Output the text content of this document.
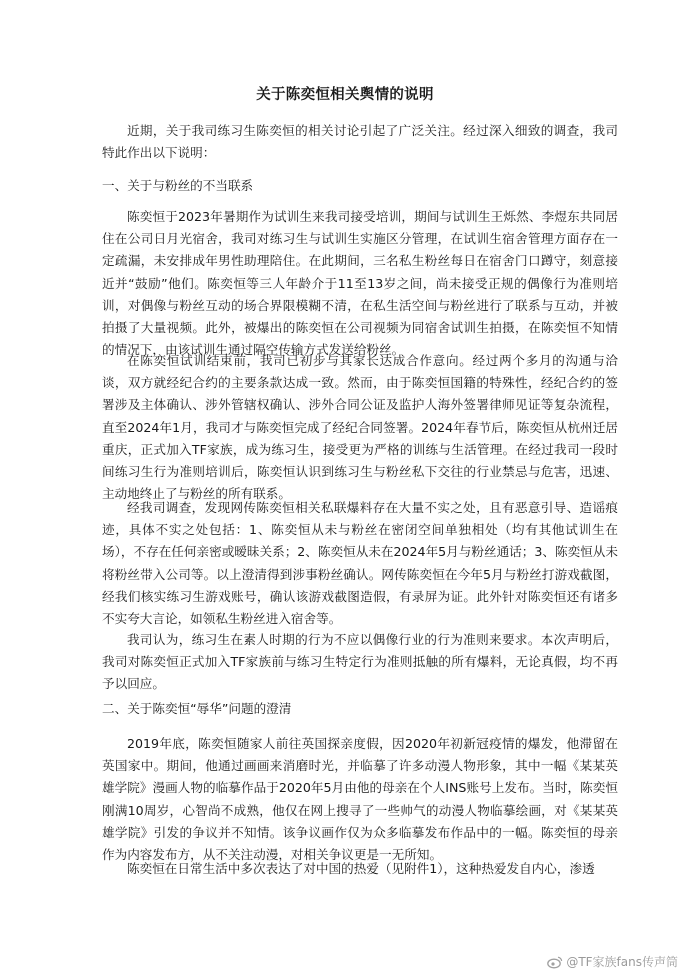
关于陈奕恒相关舆情的说明

近期，关于我司练习生陈奕恒的相关讨论引起了广泛关注。经过深入细致的调查，我司特此作出以下说明：

一、关于与粉丝的不当联系

陈奕恒于2023年暑期作为试训生来我司接受培训，期间与试训生王烁然、李煜东共同居住在公司日月光宿舍，我司对练习生与试训生实施区分管理，在试训生宿舍管理方面存在一定疏漏，未安排成年男性助理陪住。在此期间，三名私生粉丝每日在宿舍门口蹲守，刻意接近并“鼓励”他们。陈奕恒等三人年龄介于11至13岁之间，尚未接受正规的偶像行为准则培训，对偶像与粉丝互动的场合界限模糊不清，在私生活空间与粉丝进行了联系与互动，并被拍摄了大量视频。此外，被爆出的陈奕恒在公司视频为同宿舍试训生拍摄，在陈奕恒不知情的情况下，由该试训生通过隔空传输方式发送给粉丝。

在陈奕恒试训结束前，我司已初步与其家长达成合作意向。经过两个多月的沟通与洽谈，双方就经纪合约的主要条款达成一致。然而，由于陈奕恒国籍的特殊性，经纪合约的签署涉及主体确认、涉外管辖权确认、涉外合同公证及监护人海外签署律师见证等复杂流程，直至2024年1月，我司才与陈奕恒完成了经纪合同签署。2024年春节后，陈奕恒从杭州迁居重庆，正式加入TF家族，成为练习生，接受更为严格的训练与生活管理。在经过我司一段时间练习生行为准则培训后，陈奕恒认识到练习生与粉丝私下交往的行业禁忌与危害，迅速、主动地终止了与粉丝的所有联系。

经我司调查，发现网传陈奕恒相关私联爆料存在大量不实之处，且有恶意引导、造谣痕迹，具体不实之处包括：1、陈奕恒从未与粉丝在密闭空间单独相处（均有其他试训生在场），不存在任何亲密或暧昧关系；2、陈奕恒从未在2024年5月与粉丝通话；3、陈奕恒从未将粉丝带入公司等。以上澄清得到涉事粉丝确认。网传陈奕恒在今年5月与粉丝打游戏截图，经我们核实练习生游戏账号，确认该游戏截图造假，有录屏为证。此外针对陈奕恒还有诸多不实夸大言论，如领私生粉丝进入宿舍等。

我司认为，练习生在素人时期的行为不应以偶像行业的行为准则来要求。本次声明后，我司对陈奕恒正式加入TF家族前与练习生特定行为准则抵触的所有爆料，无论真假，均不再予以回应。

二、关于陈奕恒“辱华”问题的澄清

2019年底，陈奕恒随家人前往英国探亲度假，因2020年初新冠疫情的爆发，他滞留在英国家中。期间，他通过画画来消磨时光，并临摹了许多动漫人物形象，其中一幅《某某英雄学院》漫画人物的临摹作品于2020年5月由他的母亲在个人INS账号上发布。当时，陈奕恒刚满10周岁，心智尚不成熟，他仅在网上搜寻了一些帅气的动漫人物临摹绘画，对《某某英雄学院》引发的争议并不知情。该争议画作仅为众多临摹发布作品中的一幅。陈奕恒的母亲作为内容发布方，从不关注动漫，对相关争议更是一无所知。

陈奕恒在日常生活中多次表达了对中国的热爱（见附件1），这种热爱发自内心，渗透

@TF家族fans传声筒
